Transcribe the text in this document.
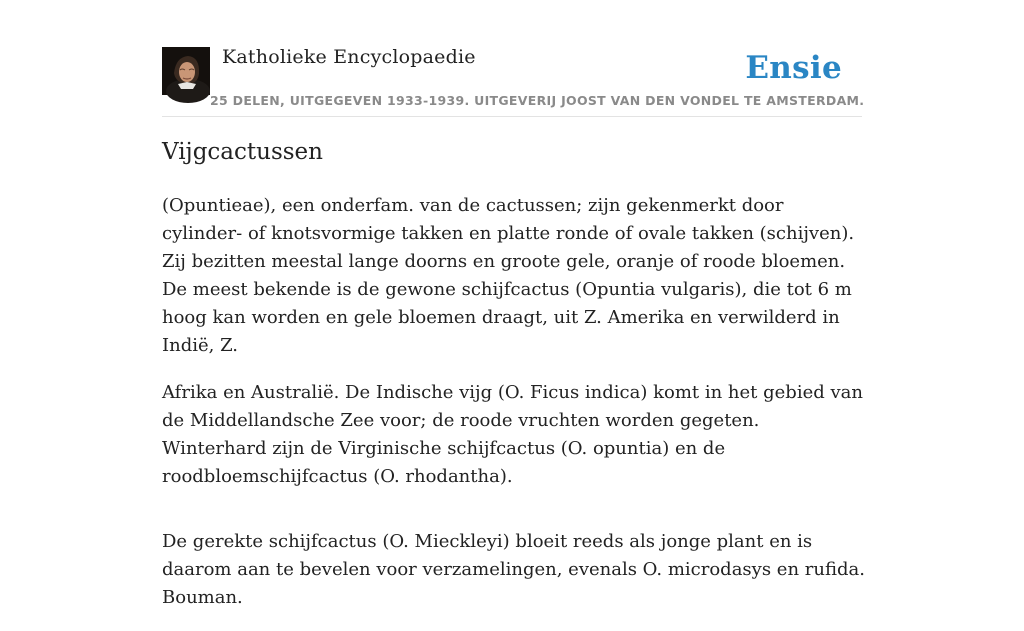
Katholieke Encyclopaedie
25 DELEN, UITGEGEVEN 1933-1939. UITGEVERIJ JOOST VAN DEN VONDEL TE AMSTERDAM.
Ensie
Vijgcactussen

(Opuntieae), een onderfam. van de cactussen; zijn gekenmerkt door cylinder- of knotsvormige takken en platte ronde of ovale takken (schijven). Zij bezitten meestal lange doorns en groote gele, oranje of roode bloemen. De meest bekende is de gewone schijfcactus (Opuntia vulgaris), die tot 6 m hoog kan worden en gele bloemen draagt, uit Z. Amerika en verwilderd in Indië, Z.

Afrika en Australië. De Indische vijg (O. Ficus indica) komt in het gebied van de Middellandsche Zee voor; de roode vruchten worden gegeten. Winterhard zijn de Virginische schijfcactus (O. opuntia) en de roodbloemschijfcactus (O. rhodantha).

De gerekte schijfcactus (O. Mieckleyi) bloeit reeds als jonge plant en is daarom aan te bevelen voor verzamelingen, evenals O. microdasys en rufida. Bouman.
